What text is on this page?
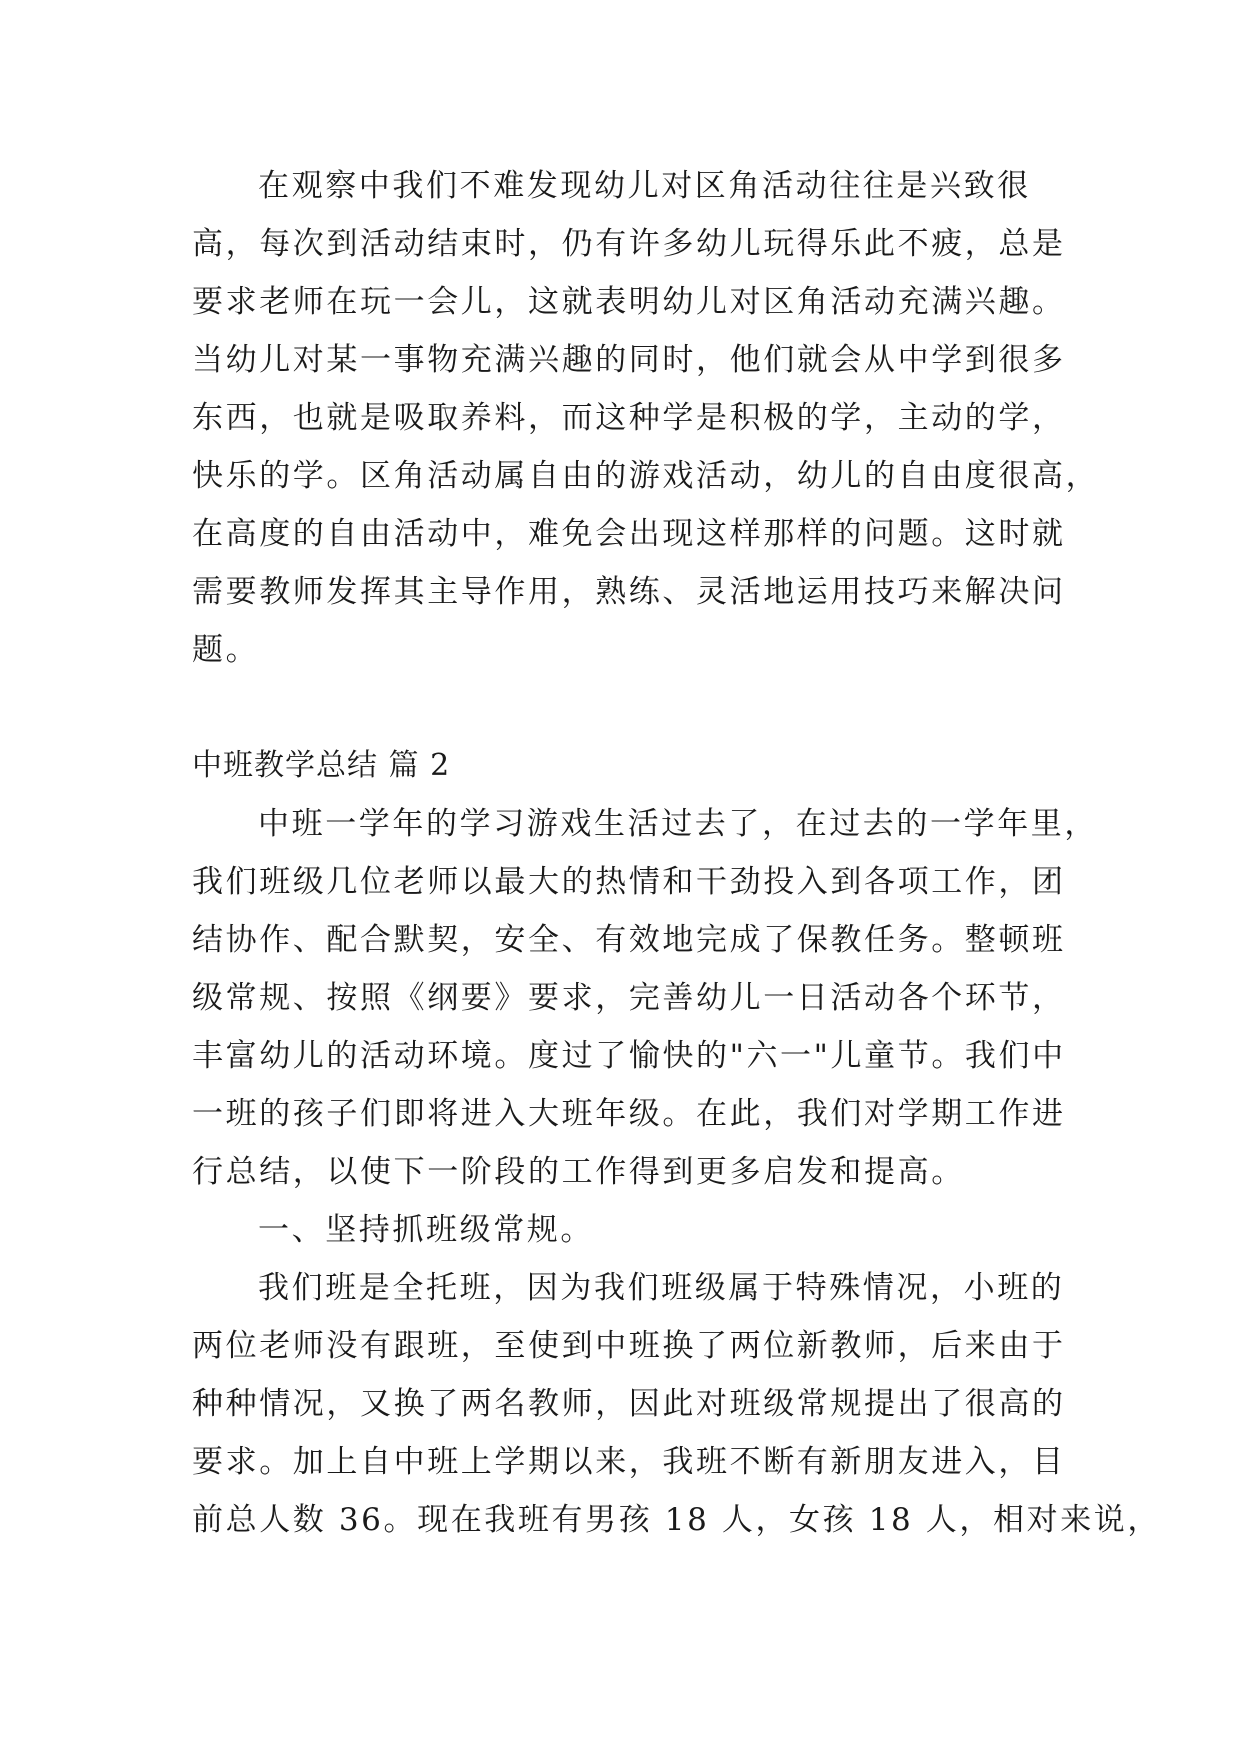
在观察中我们不难发现幼儿对区角活动往往是兴致很
高，每次到活动结束时，仍有许多幼儿玩得乐此不疲，总是
要求老师在玩一会儿，这就表明幼儿对区角活动充满兴趣。
当幼儿对某一事物充满兴趣的同时，他们就会从中学到很多
东西，也就是吸取养料，而这种学是积极的学，主动的学，
快乐的学。区角活动属自由的游戏活动，幼儿的自由度很高，
在高度的自由活动中，难免会出现这样那样的问题。这时就
需要教师发挥其主导作用，熟练、灵活地运用技巧来解决问
题。
中班教学总结 篇 2
中班一学年的学习游戏生活过去了，在过去的一学年里，
我们班级几位老师以最大的热情和干劲投入到各项工作，团
结协作、配合默契，安全、有效地完成了保教任务。整顿班
级常规、按照《纲要》要求，完善幼儿一日活动各个环节，
丰富幼儿的活动环境。度过了愉快的"六一"儿童节。我们中
一班的孩子们即将进入大班年级。在此，我们对学期工作进
行总结，以使下一阶段的工作得到更多启发和提高。
一、坚持抓班级常规。
我们班是全托班，因为我们班级属于特殊情况，小班的
两位老师没有跟班，至使到中班换了两位新教师，后来由于
种种情况，又换了两名教师，因此对班级常规提出了很高的
要求。加上自中班上学期以来，我班不断有新朋友进入，目
前总人数 36。现在我班有男孩 18 人，女孩 18 人，相对来说，
